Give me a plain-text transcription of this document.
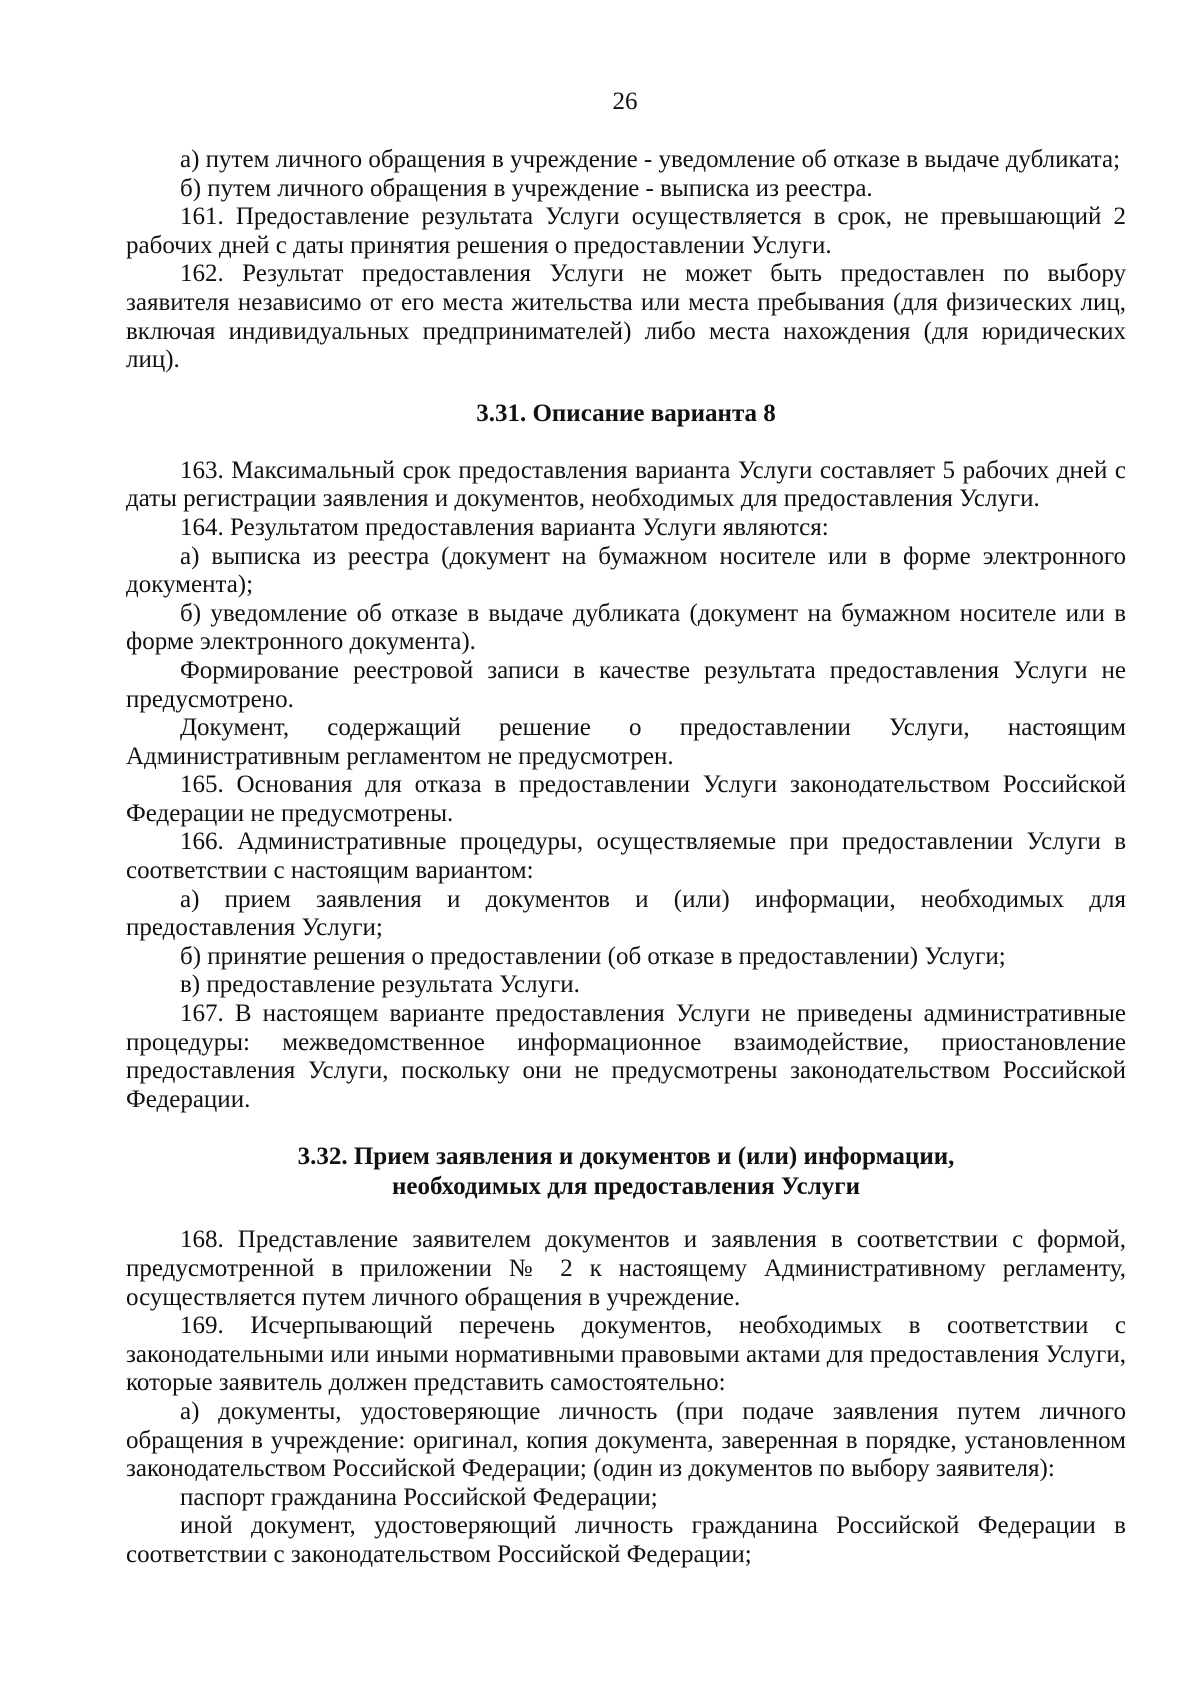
26

а) путем личного обращения в учреждение - уведомление об отказе в выдаче дубликата;

б) путем личного обращения в учреждение - выписка из реестра.

161. Предоставление результата Услуги осуществляется в срок, не превышающий 2 рабочих дней с даты принятия решения о предоставлении Услуги.

162. Результат предоставления Услуги не может быть предоставлен по выбору заявителя независимо от его места жительства или места пребывания (для физических лиц, включая индивидуальных предпринимателей) либо места нахождения (для юридических лиц).

3.31. Описание варианта 8

163. Максимальный срок предоставления варианта Услуги составляет 5 рабочих дней с даты регистрации заявления и документов, необходимых для предоставления Услуги.

164. Результатом предоставления варианта Услуги являются:

а) выписка из реестра (документ на бумажном носителе или в форме электронного документа);

б) уведомление об отказе в выдаче дубликата (документ на бумажном носителе или в форме электронного документа).

Формирование реестровой записи в качестве результата предоставления Услуги не предусмотрено.

Документ, содержащий решение о предоставлении Услуги, настоящим Административным регламентом не предусмотрен.

165. Основания для отказа в предоставлении Услуги законодательством Российской Федерации не предусмотрены.

166. Административные процедуры, осуществляемые при предоставлении Услуги в соответствии с настоящим вариантом:

а) прием заявления и документов и (или) информации, необходимых для предоставления Услуги;

б) принятие решения о предоставлении (об отказе в предоставлении) Услуги;

в) предоставление результата Услуги.

167. В настоящем варианте предоставления Услуги не приведены административные процедуры: межведомственное информационное взаимодействие, приостановление предоставления Услуги, поскольку они не предусмотрены законодательством Российской Федерации.

3.32. Прием заявления и документов и (или) информации,

необходимых для предоставления Услуги

168. Представление заявителем документов и заявления в соответствии с формой, предусмотренной в приложении № 2 к настоящему Административному регламенту, осуществляется путем личного обращения в учреждение.

169. Исчерпывающий перечень документов, необходимых в соответствии с законодательными или иными нормативными правовыми актами для предоставления Услуги, которые заявитель должен представить самостоятельно:

а) документы, удостоверяющие личность (при подаче заявления путем личного обращения в учреждение: оригинал, копия документа, заверенная в порядке, установленном законодательством Российской Федерации; (один из документов по выбору заявителя):

паспорт гражданина Российской Федерации;

иной документ, удостоверяющий личность гражданина Российской Федерации в соответствии с законодательством Российской Федерации;
